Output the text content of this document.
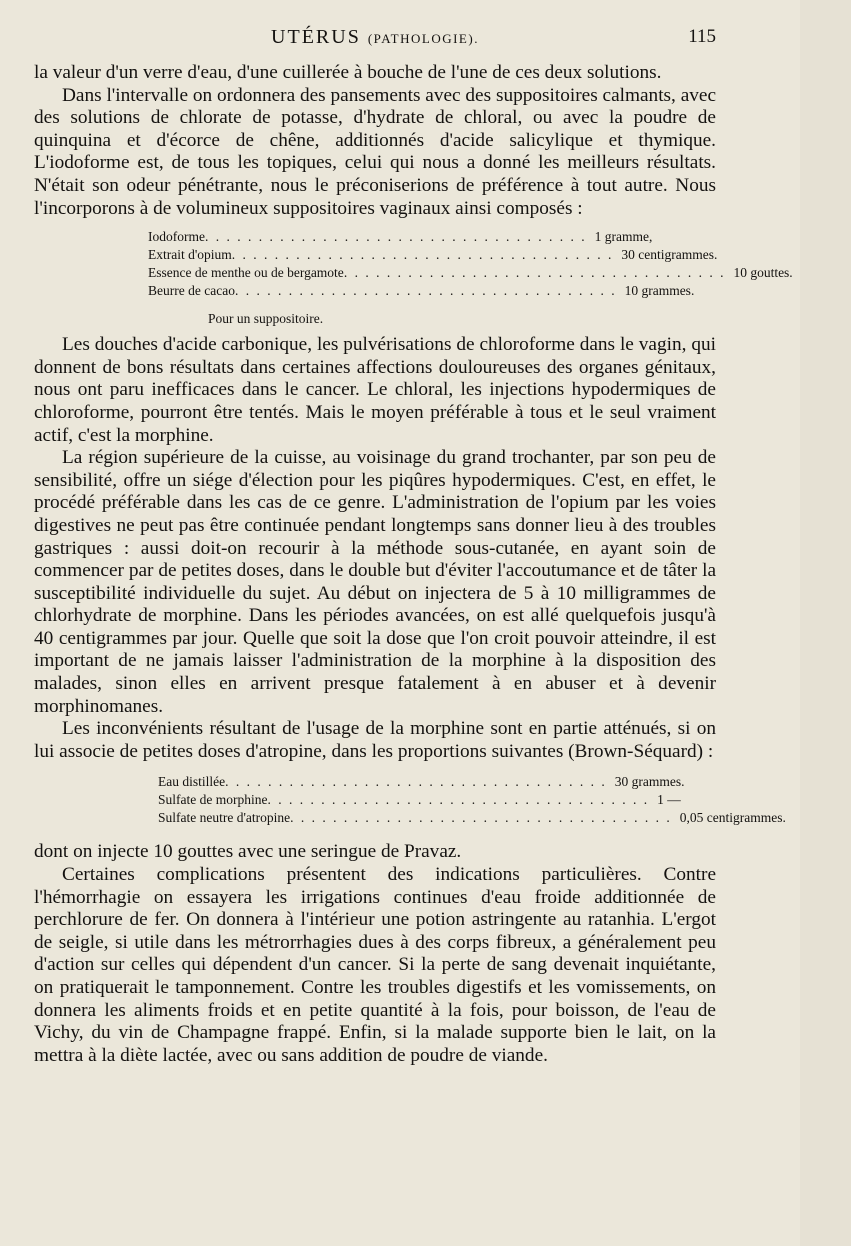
UTÉRUS (PATHOLOGIE).	115

la valeur d'un verre d'eau, d'une cuillerée à bouche de l'une de ces deux solutions.

Dans l'intervalle on ordonnera des pansements avec des suppositoires calmants, avec des solutions de chlorate de potasse, d'hydrate de chloral, ou avec la poudre de quinquina et d'écorce de chêne, additionnés d'acide salicylique et thymique. L'iodoforme est, de tous les topiques, celui qui nous a donné les meilleurs résultats. N'était son odeur pénétrante, nous le préconiserions de préférence à tout autre. Nous l'incorporons à de volumineux suppositoires vaginaux ainsi composés :

Iodoforme . . . . . . . . . . . . . . . . . . . . . . . . . . . . . . . . . . . . 1 gramme,
Extrait d'opium . . . . . . . . . . . . . . . . . . . . . . . . . . . . . . . . . . . . 30 centigrammes.
Essence de menthe ou de bergamote . . . . . . . . . . . . . . . . . . . . . . . . . . . . . . . . . . . . 10 gouttes.
Beurre de cacao . . . . . . . . . . . . . . . . . . . . . . . . . . . . . . . . . . . . 10 grammes.
Pour un suppositoire.

Les douches d'acide carbonique, les pulvérisations de chloroforme dans le vagin, qui donnent de bons résultats dans certaines affections douloureuses des organes génitaux, nous ont paru inefficaces dans le cancer. Le chloral, les injections hypodermiques de chloroforme, pourront être tentés. Mais le moyen préférable à tous et le seul vraiment actif, c'est la morphine.

La région supérieure de la cuisse, au voisinage du grand trochanter, par son peu de sensibilité, offre un siége d'élection pour les piqûres hypodermiques. C'est, en effet, le procédé préférable dans les cas de ce genre. L'administration de l'opium par les voies digestives ne peut pas être continuée pendant longtemps sans donner lieu à des troubles gastriques : aussi doit-on recourir à la méthode sous-cutanée, en ayant soin de commencer par de petites doses, dans le double but d'éviter l'accoutumance et de tâter la susceptibilité individuelle du sujet. Au début on injectera de 5 à 10 milligrammes de chlorhydrate de morphine. Dans les périodes avancées, on est allé quelquefois jusqu'à 40 centigrammes par jour. Quelle que soit la dose que l'on croit pouvoir atteindre, il est important de ne jamais laisser l'administration de la morphine à la disposition des malades, sinon elles en arrivent presque fatalement à en abuser et à devenir morphinomanes.

Les inconvénients résultant de l'usage de la morphine sont en partie atténués, si on lui associe de petites doses d'atropine, dans les proportions suivantes (Brown-Séquard) :

Eau distillée . . . . . . . . . . . . . . . . . . . . . . . . . . . . . . . . . . . . 30 grammes.
Sulfate de morphine . . . . . . . . . . . . . . . . . . . . . . . . . . . . . . . . . . . . 1 —
Sulfate neutre d'atropine . . . . . . . . . . . . . . . . . . . . . . . . . . . . . . . . . . . . 0,05 centigrammes.

dont on injecte 10 gouttes avec une seringue de Pravaz.

Certaines complications présentent des indications particulières. Contre l'hémorrhagie on essayera les irrigations continues d'eau froide additionnée de perchlorure de fer. On donnera à l'intérieur une potion astringente au ratanhia. L'ergot de seigle, si utile dans les métrorrhagies dues à des corps fibreux, a généralement peu d'action sur celles qui dépendent d'un cancer. Si la perte de sang devenait inquiétante, on pratiquerait le tamponnement. Contre les troubles digestifs et les vomissements, on donnera les aliments froids et en petite quantité à la fois, pour boisson, de l'eau de Vichy, du vin de Champagne frappé. Enfin, si la malade supporte bien le lait, on la mettra à la diète lactée, avec ou sans addition de poudre de viande.
